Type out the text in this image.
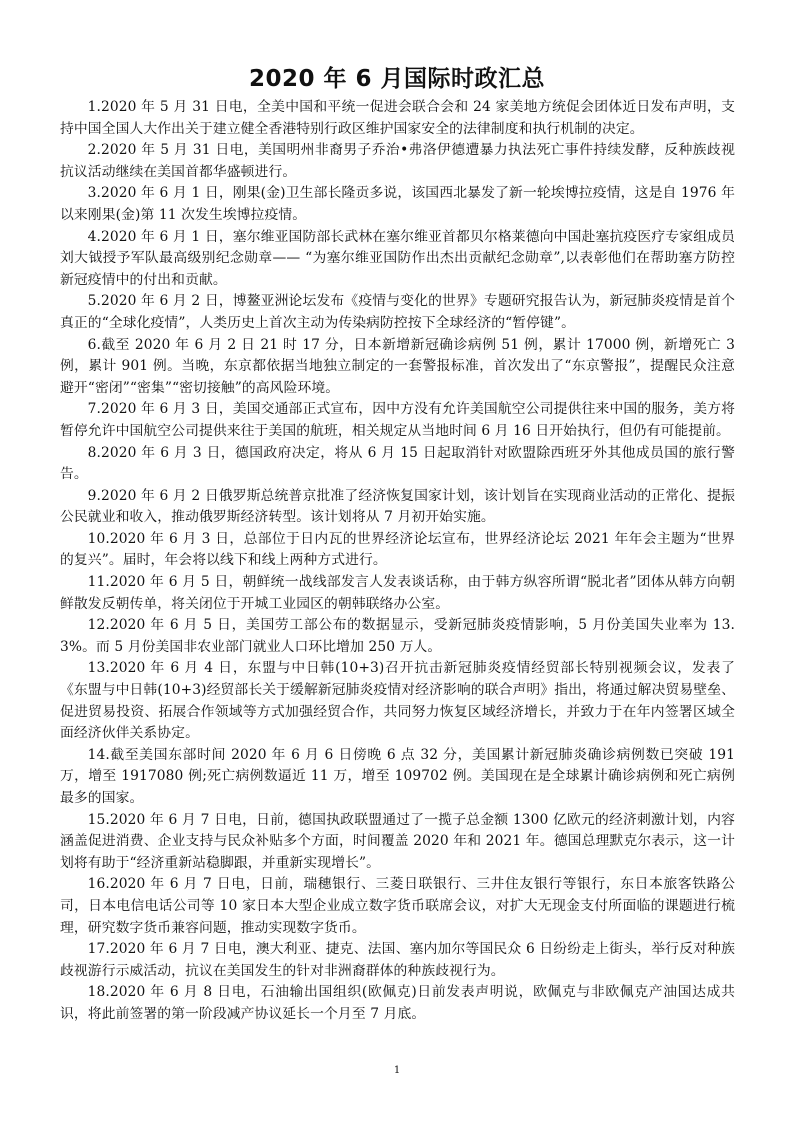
2020 年 6 月国际时政汇总

1.2020 年 5 月 31 日电，全美中国和平统一促进会联合会和 24 家美地方统促会团体近日发布声明，支持中国全国人大作出关于建立健全香港特别行政区维护国家安全的法律制度和执行机制的决定。

2.2020 年 5 月 31 日电，美国明州非裔男子乔治•弗洛伊德遭暴力执法死亡事件持续发酵，反种族歧视抗议活动继续在美国首都华盛顿进行。

3.2020 年 6 月 1 日，刚果(金)卫生部长隆贡多说，该国西北暴发了新一轮埃博拉疫情，这是自 1976 年以来刚果(金)第 11 次发生埃博拉疫情。

4.2020 年 6 月 1 日，塞尔维亚国防部长武林在塞尔维亚首都贝尔格莱德向中国赴塞抗疫医疗专家组成员刘大钺授予军队最高级别纪念勋章—— “为塞尔维亚国防作出杰出贡献纪念勋章”,以表彰他们在帮助塞方防控新冠疫情中的付出和贡献。

5.2020 年 6 月 2 日，博鳌亚洲论坛发布《疫情与变化的世界》专题研究报告认为，新冠肺炎疫情是首个真正的“全球化疫情”，人类历史上首次主动为传染病防控按下全球经济的“暂停键”。

6.截至 2020 年 6 月 2 日 21 时 17 分，日本新增新冠确诊病例 51 例，累计 17000 例，新增死亡 3 例，累计 901 例。当晚，东京都依据当地独立制定的一套警报标准，首次发出了“东京警报”，提醒民众注意避开“密闭”“密集”“密切接触”的高风险环境。

7.2020 年 6 月 3 日，美国交通部正式宣布，因中方没有允许美国航空公司提供往来中国的服务，美方将暂停允许中国航空公司提供来往于美国的航班，相关规定从当地时间 6 月 16 日开始执行，但仍有可能提前。

8.2020 年 6 月 3 日，德国政府决定，将从 6 月 15 日起取消针对欧盟除西班牙外其他成员国的旅行警告。

9.2020 年 6 月 2 日俄罗斯总统普京批准了经济恢复国家计划，该计划旨在实现商业活动的正常化、提振公民就业和收入，推动俄罗斯经济转型。该计划将从 7 月初开始实施。

10.2020 年 6 月 3 日，总部位于日内瓦的世界经济论坛宣布，世界经济论坛 2021 年年会主题为“世界的复兴”。届时，年会将以线下和线上两种方式进行。

11.2020 年 6 月 5 日，朝鲜统一战线部发言人发表谈话称，由于韩方纵容所谓“脱北者”团体从韩方向朝鲜散发反朝传单，将关闭位于开城工业园区的朝韩联络办公室。

12.2020 年 6 月 5 日，美国劳工部公布的数据显示，受新冠肺炎疫情影响，5 月份美国失业率为 13.3%。而 5 月份美国非农业部门就业人口环比增加 250 万人。

13.2020 年 6 月 4 日，东盟与中日韩(10+3)召开抗击新冠肺炎疫情经贸部长特别视频会议，发表了《东盟与中日韩(10+3)经贸部长关于缓解新冠肺炎疫情对经济影响的联合声明》指出，将通过解决贸易壁垒、促进贸易投资、拓展合作领域等方式加强经贸合作，共同努力恢复区域经济增长，并致力于在年内签署区域全面经济伙伴关系协定。

14.截至美国东部时间 2020 年 6 月 6 日傍晚 6 点 32 分，美国累计新冠肺炎确诊病例数已突破 191 万，增至 1917080 例;死亡病例数逼近 11 万，增至 109702 例。美国现在是全球累计确诊病例和死亡病例最多的国家。

15.2020 年 6 月 7 日电，日前，德国执政联盟通过了一揽子总金额 1300 亿欧元的经济刺激计划，内容涵盖促进消费、企业支持与民众补贴多个方面，时间覆盖 2020 年和 2021 年。德国总理默克尔表示，这一计划将有助于“经济重新站稳脚跟，并重新实现增长”。

16.2020 年 6 月 7 日电，日前，瑞穗银行、三菱日联银行、三井住友银行等银行，东日本旅客铁路公司，日本电信电话公司等 10 家日本大型企业成立数字货币联席会议，对扩大无现金支付所面临的课题进行梳理，研究数字货币兼容问题，推动实现数字货币。

17.2020 年 6 月 7 日电，澳大利亚、捷克、法国、塞内加尔等国民众 6 日纷纷走上街头，举行反对种族歧视游行示威活动，抗议在美国发生的针对非洲裔群体的种族歧视行为。

18.2020 年 6 月 8 日电，石油输出国组织(欧佩克)日前发表声明说，欧佩克与非欧佩克产油国达成共识，将此前签署的第一阶段减产协议延长一个月至 7 月底。

1
